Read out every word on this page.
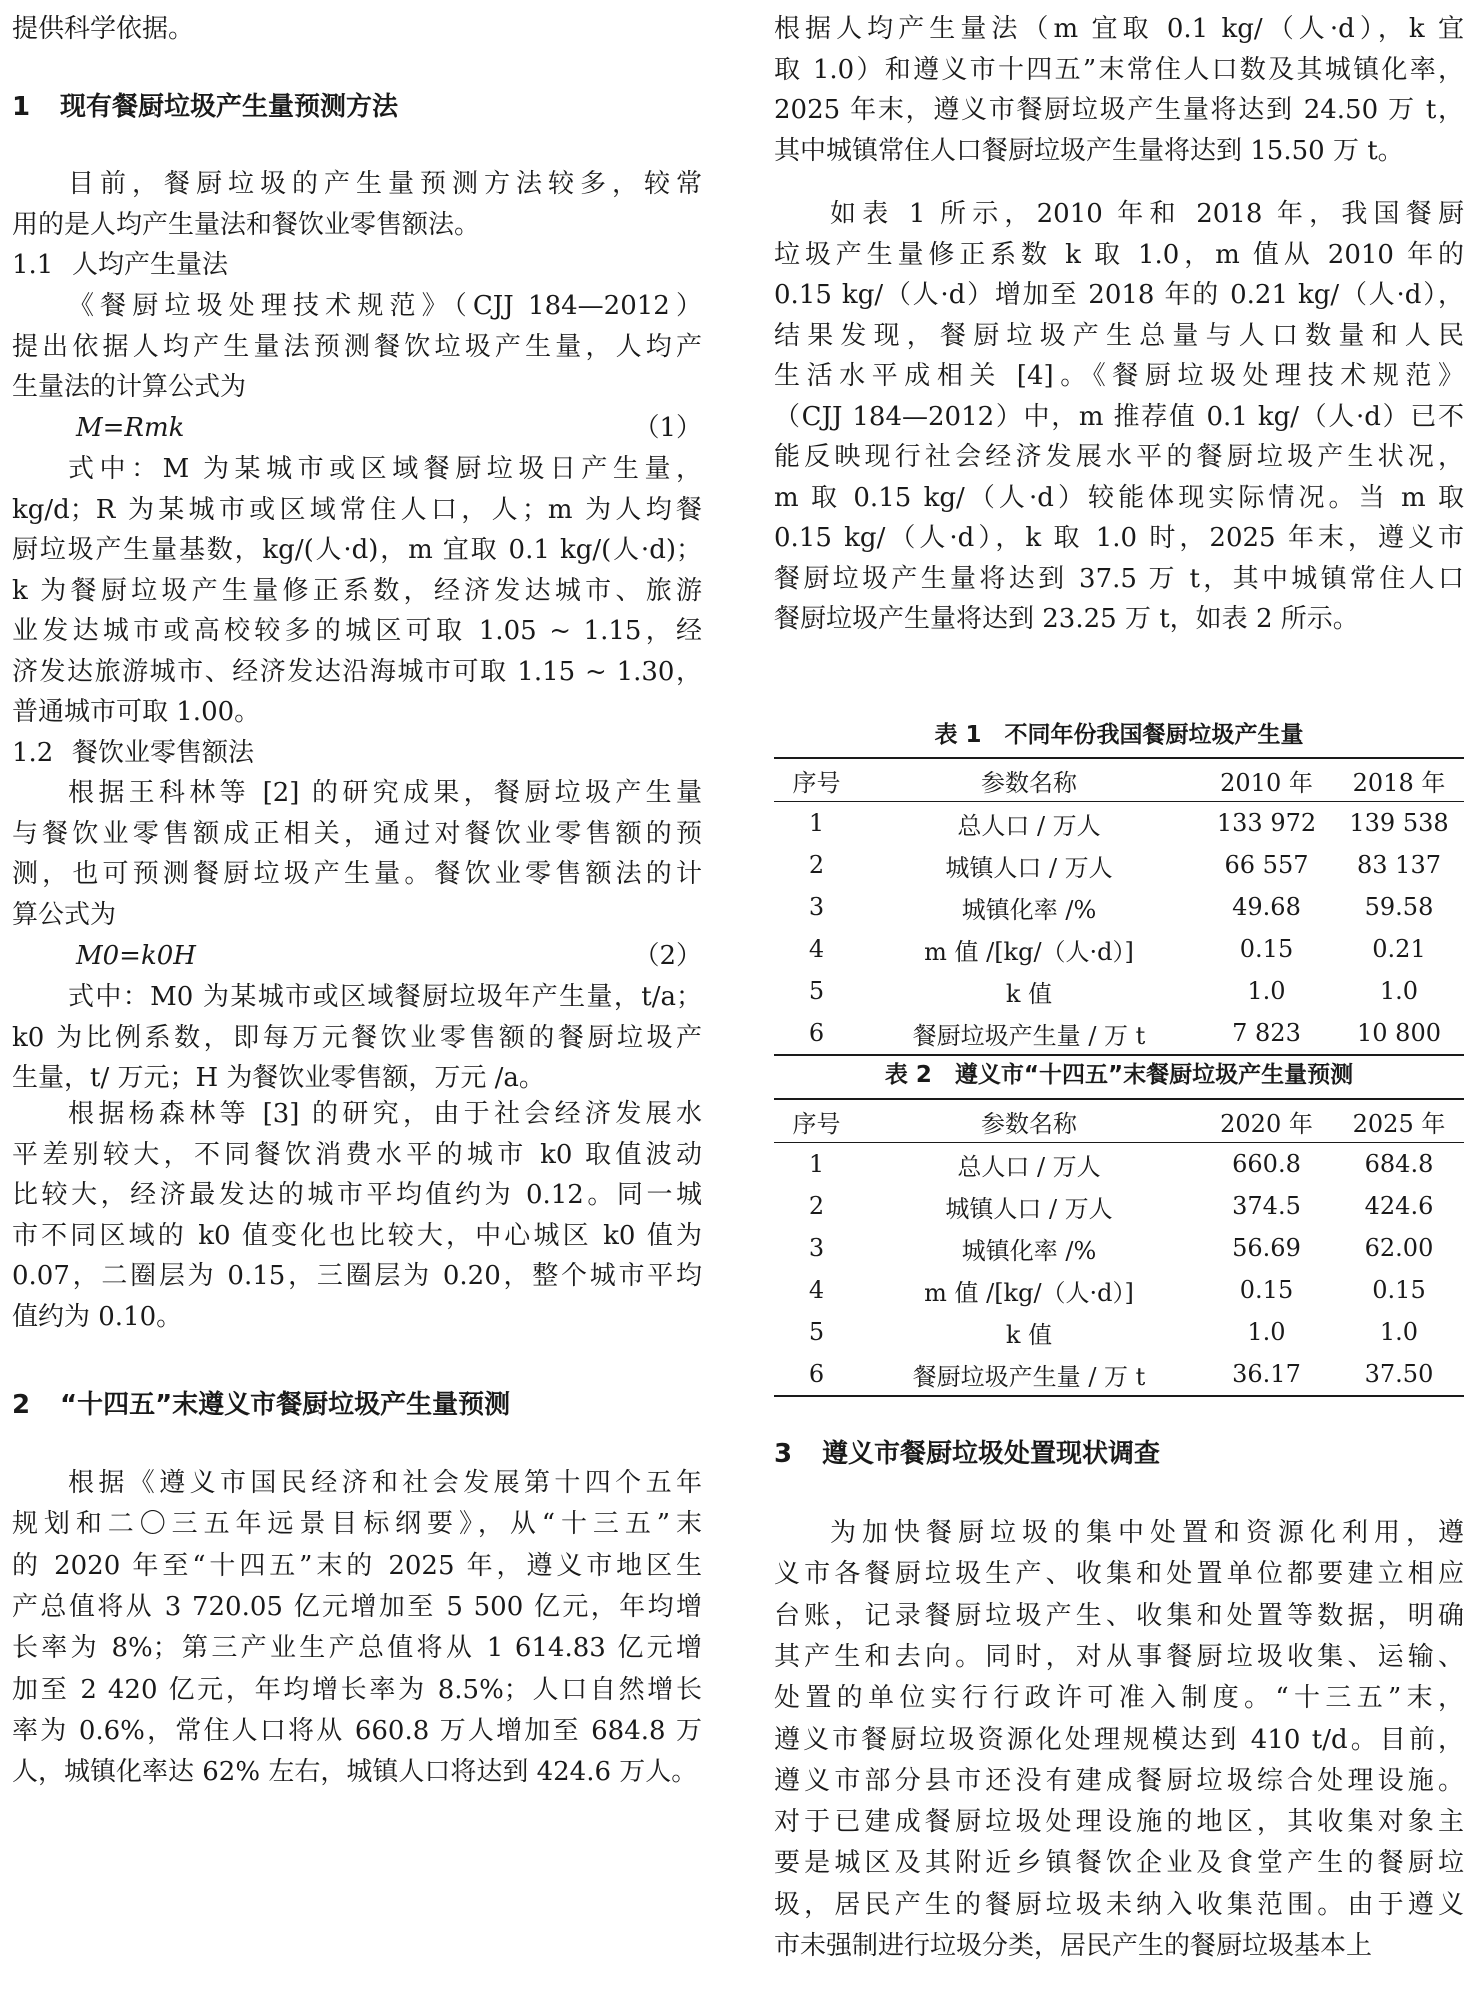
提供科学依据。
1 现有餐厨垃圾产生量预测方法
目前，餐厨垃圾的产生量预测方法较多，较常
用的是人均产生量法和餐饮业零售额法。
1.1 人均产生量法
《餐厨垃圾处理技术规范》（CJJ 184—2012）
提出依据人均产生量法预测餐饮垃圾产生量，人均产
生量法的计算公式为
M=Rmk	（1）
式中：M 为某城市或区域餐厨垃圾日产生量，
kg/d；R 为某城市或区域常住人口，人；m 为人均餐
厨垃圾产生量基数，kg/(人·d)，m 宜取 0.1 kg/(人·d)；
k 为餐厨垃圾产生量修正系数，经济发达城市、旅游
业发达城市或高校较多的城区可取 1.05 ~ 1.15，经
济发达旅游城市、经济发达沿海城市可取 1.15 ~ 1.30，
普通城市可取 1.00。
1.2 餐饮业零售额法
根据王科林等 [2] 的研究成果，餐厨垃圾产生量
与餐饮业零售额成正相关，通过对餐饮业零售额的预
测，也可预测餐厨垃圾产生量。餐饮业零售额法的计
算公式为
M0=k0H	（2）
式中：M0 为某城市或区域餐厨垃圾年产生量，t/a；
k0 为比例系数，即每万元餐饮业零售额的餐厨垃圾产
生量，t/ 万元；H 为餐饮业零售额，万元 /a。
根据杨森林等 [3] 的研究，由于社会经济发展水
平差别较大，不同餐饮消费水平的城市 k0 取值波动
比较大，经济最发达的城市平均值约为 0.12。同一城
市不同区域的 k0 值变化也比较大，中心城区 k0 值为
0.07，二圈层为 0.15，三圈层为 0.20，整个城市平均
值约为 0.10。
2 “十四五”末遵义市餐厨垃圾产生量预测
根据《遵义市国民经济和社会发展第十四个五年
规划和二〇三五年远景目标纲要》，从“十三五”末
的 2020 年至“十四五”末的 2025 年，遵义市地区生
产总值将从 3 720.05 亿元增加至 5 500 亿元，年均增
长率为 8%；第三产业生产总值将从 1 614.83 亿元增
加至 2 420 亿元，年均增长率为 8.5%；人口自然增长
率为 0.6%，常住人口将从 660.8 万人增加至 684.8 万
人，城镇化率达 62% 左右，城镇人口将达到 424.6 万人。
根据人均产生量法（m 宜取 0.1 kg/（人·d），k 宜
取 1.0）和遵义市十四五”末常住人口数及其城镇化率，
2025 年末，遵义市餐厨垃圾产生量将达到 24.50 万 t，
其中城镇常住人口餐厨垃圾产生量将达到 15.50 万 t。
如表 1 所示，2010 年和 2018 年，我国餐厨
垃圾产生量修正系数 k 取 1.0，m 值从 2010 年的
0.15 kg/（人·d）增加至 2018 年的 0.21 kg/（人·d），
结果发现，餐厨垃圾产生总量与人口数量和人民
生活水平成相关 [4]。《餐厨垃圾处理技术规范》
（CJJ 184—2012）中，m 推荐值 0.1 kg/（人·d）已不
能反映现行社会经济发展水平的餐厨垃圾产生状况，
m 取 0.15 kg/（人·d）较能体现实际情况。当 m 取
0.15 kg/（人·d），k 取 1.0 时，2025 年末，遵义市
餐厨垃圾产生量将达到 37.5 万 t，其中城镇常住人口
餐厨垃圾产生量将达到 23.25 万 t，如表 2 所示。
表 1　不同年份我国餐厨垃圾产生量
序号	参数名称	2010 年	2018 年
1	总人口 / 万人	133 972	139 538
2	城镇人口 / 万人	66 557	83 137
3	城镇化率 /%	49.68	59.58
4	m 值 /[kg/（人·d）]	0.15	0.21
5	k 值	1.0	1.0
6	餐厨垃圾产生量 / 万 t	7 823	10 800
表 2　遵义市“十四五”末餐厨垃圾产生量预测
序号	参数名称	2020 年	2025 年
1	总人口 / 万人	660.8	684.8
2	城镇人口 / 万人	374.5	424.6
3	城镇化率 /%	56.69	62.00
4	m 值 /[kg/（人·d）]	0.15	0.15
5	k 值	1.0	1.0
6	餐厨垃圾产生量 / 万 t	36.17	37.50
3 遵义市餐厨垃圾处置现状调查
为加快餐厨垃圾的集中处置和资源化利用，遵
义市各餐厨垃圾生产、收集和处置单位都要建立相应
台账，记录餐厨垃圾产生、收集和处置等数据，明确
其产生和去向。同时，对从事餐厨垃圾收集、运输、
处置的单位实行行政许可准入制度。“十三五”末，
遵义市餐厨垃圾资源化处理规模达到 410 t/d。目前，
遵义市部分县市还没有建成餐厨垃圾综合处理设施。
对于已建成餐厨垃圾处理设施的地区，其收集对象主
要是城区及其附近乡镇餐饮企业及食堂产生的餐厨垃
圾，居民产生的餐厨垃圾未纳入收集范围。由于遵义
市未强制进行垃圾分类，居民产生的餐厨垃圾基本上
